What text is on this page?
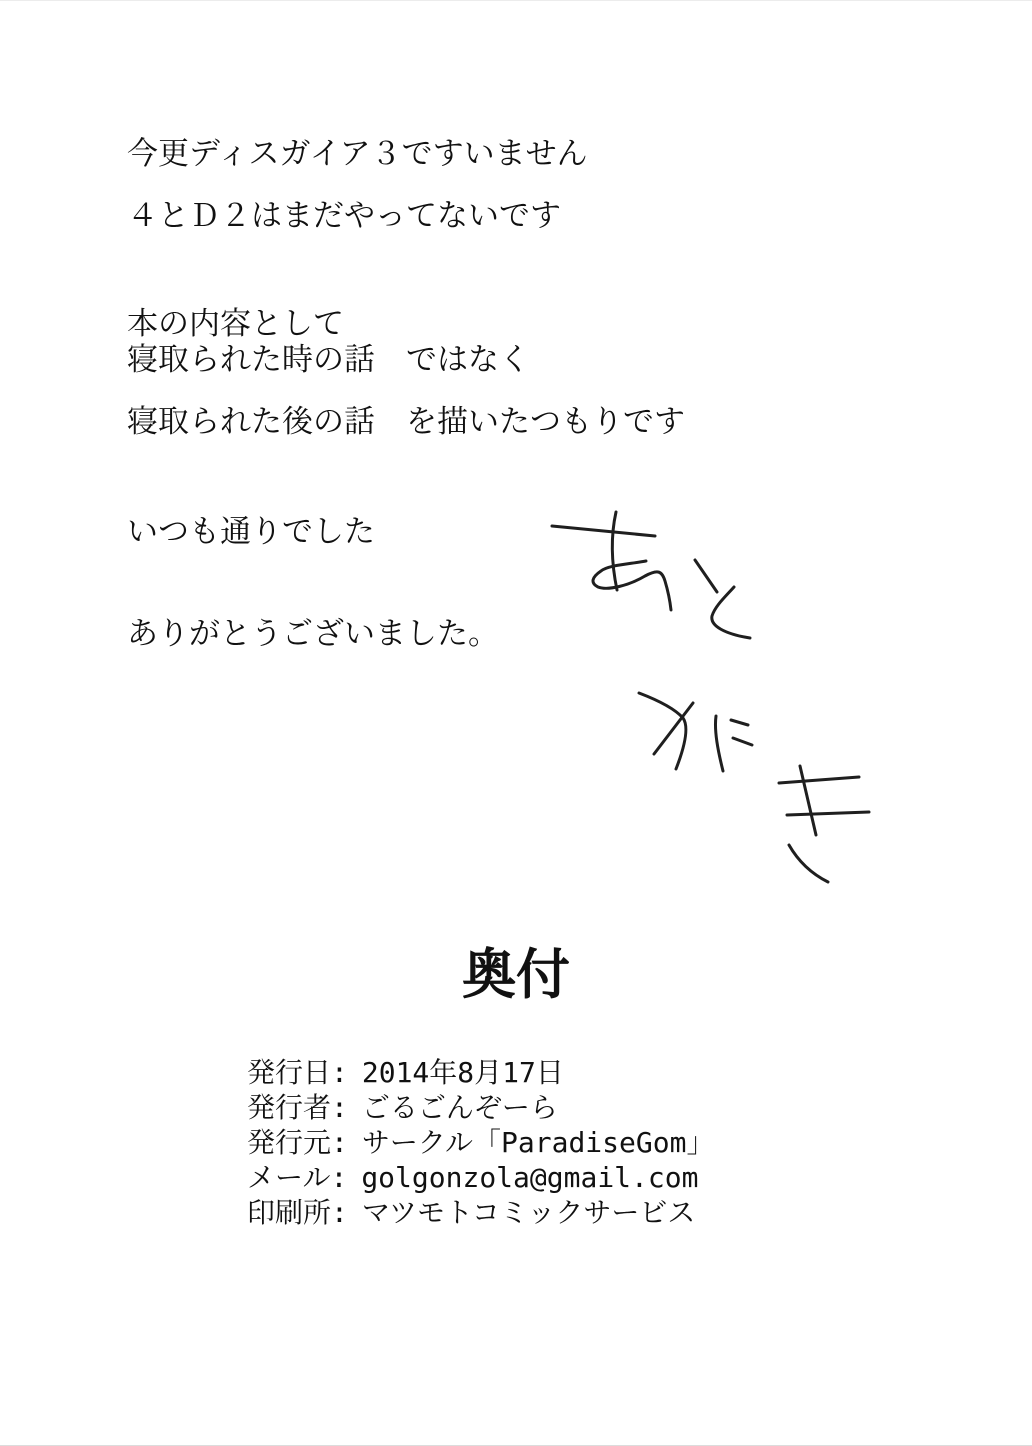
今更ディスガイア３ですいません
４とＤ２はまだやってないです
本の内容として
寝取られた時の話　ではなく
寝取られた後の話　を描いたつもりです
いつも通りでした
ありがとうございました。
奥付
発行日: 2014年8月17日
発行者: ごるごんぞーら
発行元: サークル「ParadiseGom」
メール: golgonzola@gmail.com
印刷所: マツモトコミックサービス
